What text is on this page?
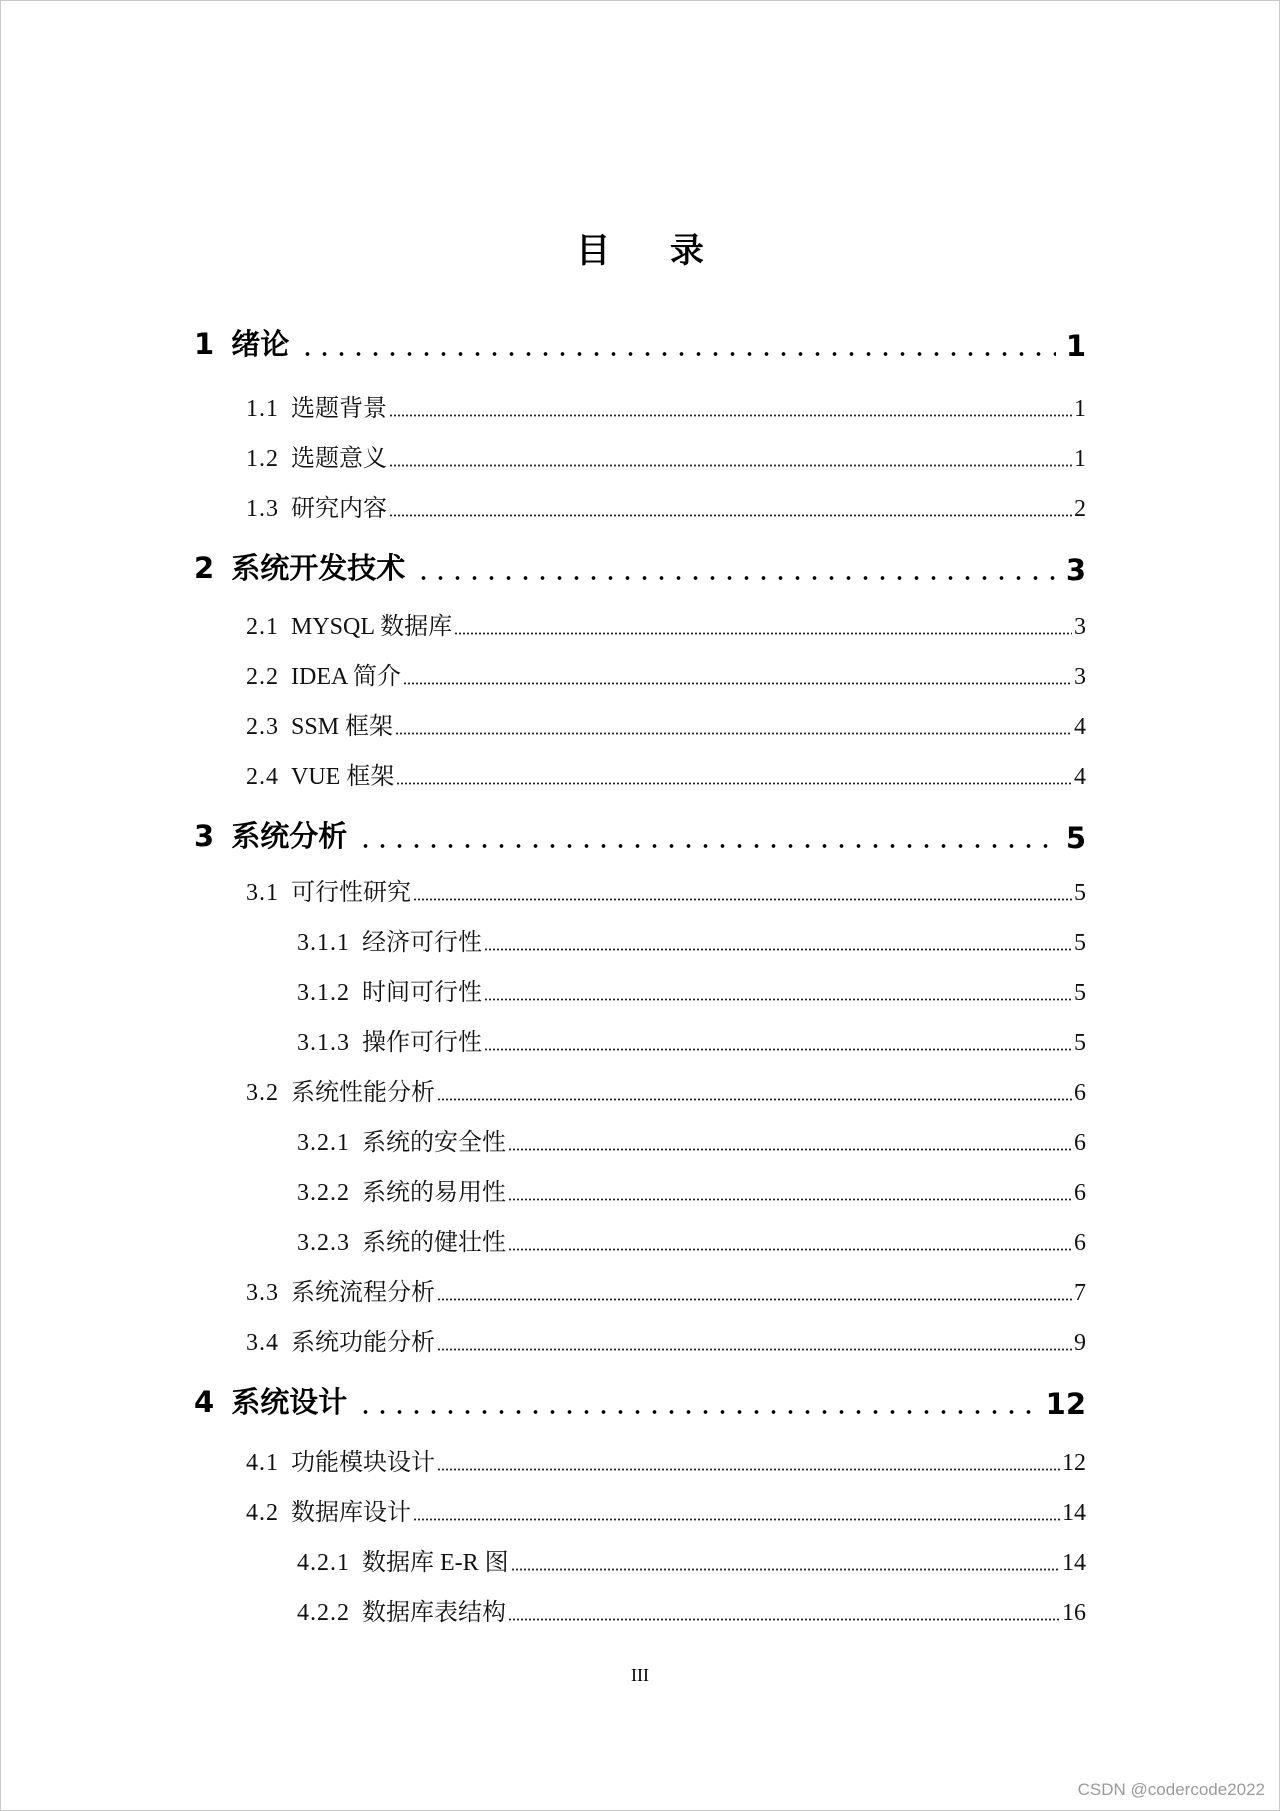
目 录
1 绪论	1
1.1 选题背景	1
1.2 选题意义	1
1.3 研究内容	2
2 系统开发技术	3
2.1 MYSQL 数据库	3
2.2 IDEA 简介	3
2.3 SSM 框架	4
2.4 VUE 框架	4
3 系统分析	5
3.1 可行性研究	5
3.1.1 经济可行性	5
3.1.2 时间可行性	5
3.1.3 操作可行性	5
3.2 系统性能分析	6
3.2.1 系统的安全性	6
3.2.2 系统的易用性	6
3.2.3 系统的健壮性	6
3.3 系统流程分析	7
3.4 系统功能分析	9
4 系统设计	12
4.1 功能模块设计	12
4.2 数据库设计	14
4.2.1 数据库 E-R 图	14
4.2.2 数据库表结构	16
III
CSDN @codercode2022
